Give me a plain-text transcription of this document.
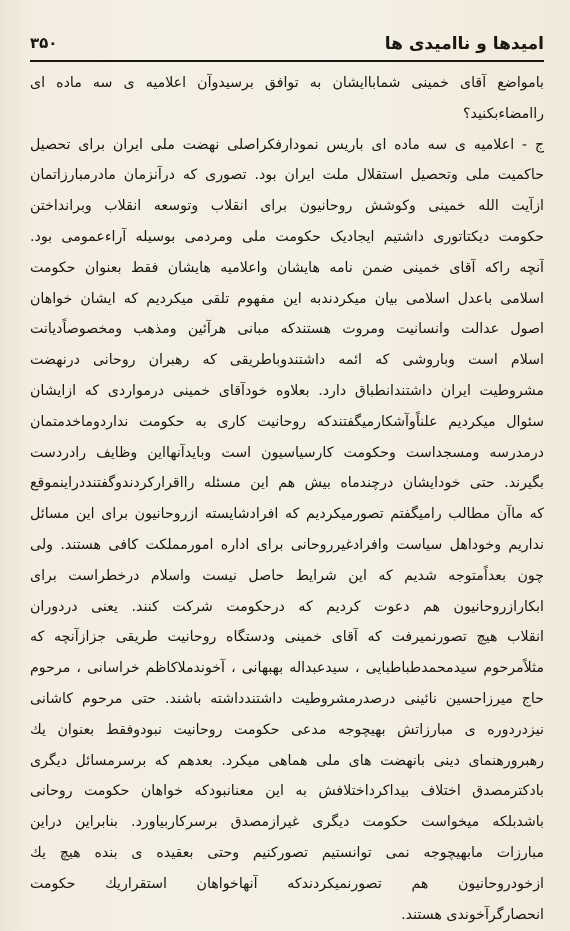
امیدها و ناامیدی ها
۳۵۰
بامواضع آقای خمینی شماباایشان به توافق برسیدوآن اعلامیه ی سه ماده ای
راامضاءبکنید؟
ج - اعلامیه ی سه ماده ای باریس نمودارفکراصلی نهضت ملی ایران برای تحصیل
حاکمیت ملی وتحصیل استقلال ملت ایران بود. تصوری که درآنزمان مادرمبارزاتمان
ازآیت الله خمینی وکوشش روحانیون برای انقلاب وتوسعه انقلاب وبرانداختن
حکومت دیکتاتوری داشتیم ایجادیک حکومت ملی ومردمی بوسیله آراءعمومی بود.
آنچه راکه آقای خمینی ضمن نامه هایشان واعلامیه هایشان فقط بعنوان حکومت
اسلامی باعدل اسلامی بیان میکردندبه این مفهوم تلقی میکردیم که ایشان خواهان
اصول عدالت وانسانیت ومروت هستندکه مبانی هرآئین ومذهب ومخصوصاًدیانت
اسلام است وباروشی که ائمه داشتندوباطریقی که رهبران روحانی درنهضت
مشروطیت ایران داشتندانطباق دارد. بعلاوه خودآقای خمینی درمواردی که ازایشان
سئوال میکردیم علناًوآشکارمیگفتندکه روحانیت کاری به حکومت نداردوماخدمتمان
درمدرسه ومسجداست وحکومت کارسیاسیون است وبایدآنهااین وظایف رادردست
بگیرند. حتی خودایشان درچندماه بیش هم این مسئله رااقرارکردندوگفتنددراینموقع
که ماآن مطالب رامیگفتم تصورمیکردیم که افرادشایسته ازروحانیون برای این مسائل
نداریم وخوداهل سیاست وافرادغیرروحانی برای اداره امورمملکت کافی هستند. ولی
چون بعداًمتوجه شدیم که این شرایط حاصل نیست واسلام درخطراست برای
ابکارازروحانیون هم دعوت کردیم که درحکومت شرکت کنند. یعنی دردوران
انقلاب هیچ تصورنمیرفت که آقای خمینی ودستگاه روحانیت طریقی جزازآنچه که
مثلاًمرحوم سیدمحمدطباطبایی ، سیدعبداله بهبهانی ، آخوندملاکاظم خراسانی ، مرحوم
حاج میرزاحسین نائینی درصدرمشروطیت داشتندداشته باشند. حتی مرحوم کاشانی
نیزدردوره ی مبارزاتش بهیچوجه مدعی حکومت روحانیت نبودوفقط بعنوان یك
رهبرورهنمای دینی بانهضت های ملی هماهی میکرد. بعدهم که برسرمسائل دیگری
بادکترمصدق اختلاف بیداکرداختلافش به این معنانبودکه خواهان حکومت روحانی
باشدبلکه میخواست حکومت دیگری غیرازمصدق برسرکاربیاورد. بنابراین دراین
مبارزات مابهیچوجه نمی توانستیم تصورکنیم وحتی بعقیده ی بنده هیچ یك
ازخودروحانیون هم تصورنمیکردندکه آنهاخواهان استقراریك حکومت
انحصارگرآخوندی هستند.
